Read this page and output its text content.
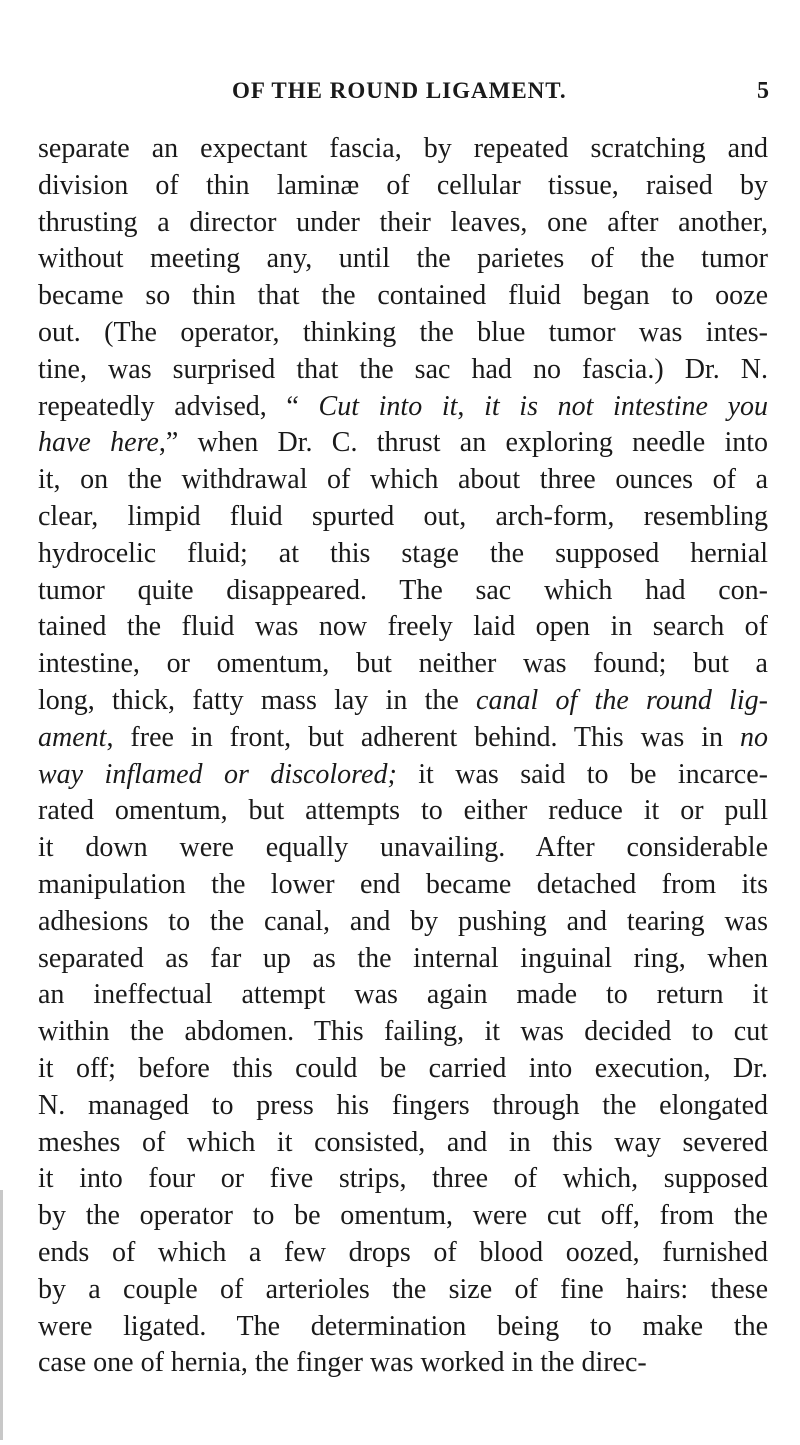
OF THE ROUND LIGAMENT.	5
separate an expectant fascia, by repeated scratching and
division of thin laminæ of cellular tissue, raised by
thrusting a director under their leaves, one after another,
without meeting any, until the parietes of the tumor
became so thin that the contained fluid began to ooze
out. (The operator, thinking the blue tumor was intes-
tine, was surprised that the sac had no fascia.) Dr. N.
repeatedly advised, “ Cut into it, it is not intestine you
have here,” when Dr. C. thrust an exploring needle into
it, on the withdrawal of which about three ounces of a
clear, limpid fluid spurted out, arch-form, resembling
hydrocelic fluid; at this stage the supposed hernial
tumor quite disappeared. The sac which had con-
tained the fluid was now freely laid open in search of
intestine, or omentum, but neither was found; but a
long, thick, fatty mass lay in the canal of the round lig-
ament, free in front, but adherent behind. This was in no
way inflamed or discolored; it was said to be incarce-
rated omentum, but attempts to either reduce it or pull
it down were equally unavailing. After considerable
manipulation the lower end became detached from its
adhesions to the canal, and by pushing and tearing was
separated as far up as the internal inguinal ring, when
an ineffectual attempt was again made to return it
within the abdomen. This failing, it was decided to cut
it off; before this could be carried into execution, Dr.
N. managed to press his fingers through the elongated
meshes of which it consisted, and in this way severed
it into four or five strips, three of which, supposed
by the operator to be omentum, were cut off, from the
ends of which a few drops of blood oozed, furnished
by a couple of arterioles the size of fine hairs: these
were ligated. The determination being to make the
case one of hernia, the finger was worked in the direc-
